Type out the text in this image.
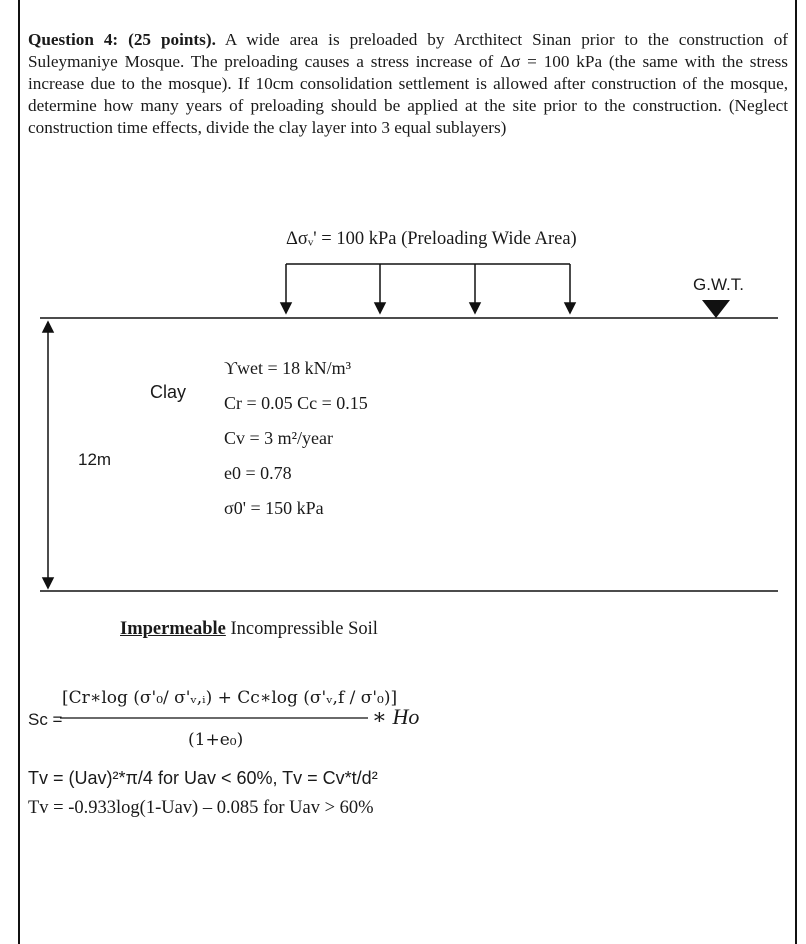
Question 4: (25 points). A wide area is preloaded by Arcthitect Sinan prior to the construction of Suleymaniye Mosque. The preloading causes a stress increase of Δσ = 100 kPa (the same with the stress increase due to the mosque). If 10cm consolidation settlement is allowed after construction of the mosque, determine how many years of preloading should be applied at the site prior to the construction. (Neglect construction time effects, divide the clay layer into 3 equal sublayers)
Δσᵥ' = 100 kPa (Preloading Wide Area)
G.W.T.
Clay
12m
ϒwet = 18 kN/m³
Cr = 0.05 Cc = 0.15
Cv = 3 m²/year
e0 = 0.78
σ0' = 150 kPa
Impermeable Incompressible Soil
Sc =
[Cr∗log (σ'₀/ σ'ᵥ,ᵢ) + Cc∗log (σ'ᵥ,f / σ'₀)]
(1+e₀)
∗ Ho
Tv = (Uav)²*π/4 for Uav < 60%, Tv = Cv*t/d²
Tv = -0.933log(1-Uav) – 0.085 for Uav > 60%
